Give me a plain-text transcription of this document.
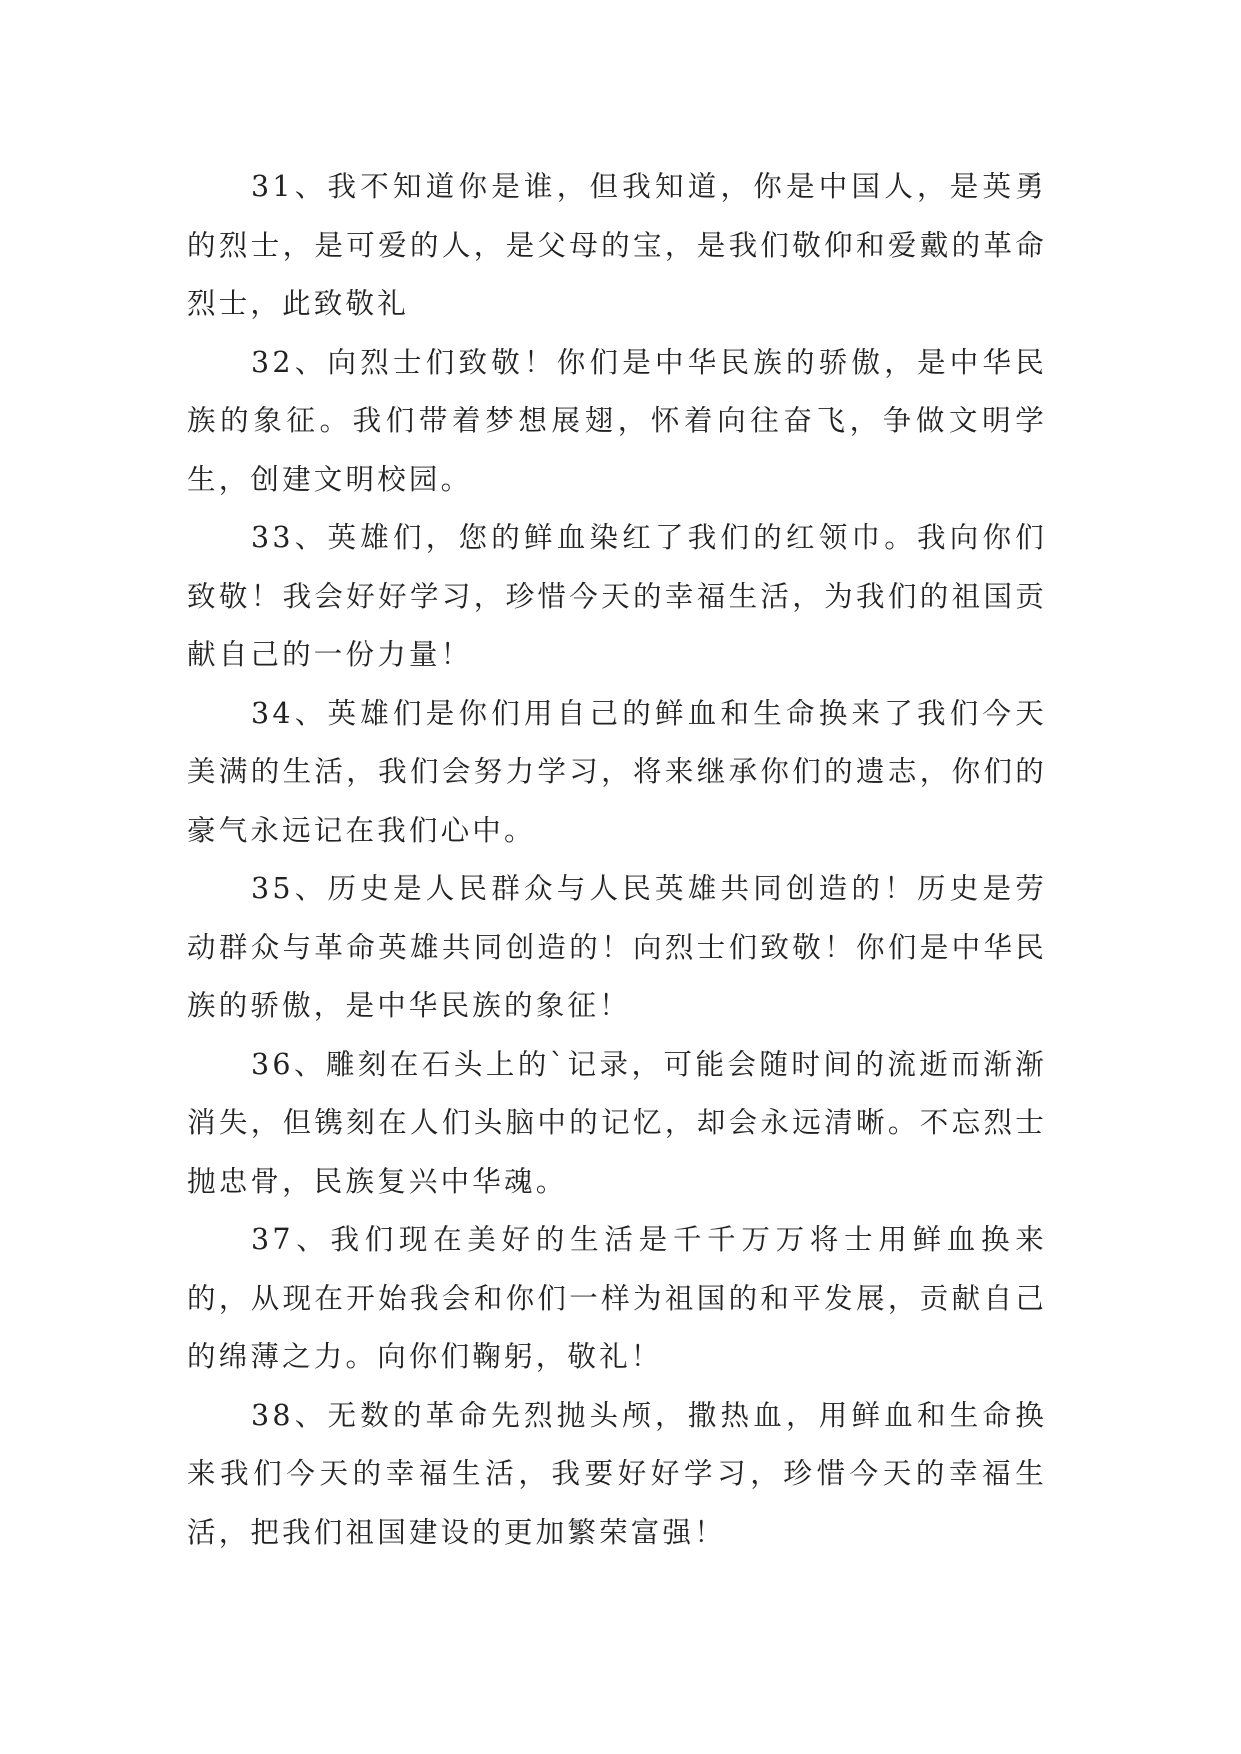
31、我不知道你是谁，但我知道，你是中国人，是英勇的烈士，是可爱的人，是父母的宝，是我们敬仰和爱戴的革命烈士，此致敬礼

32、向烈士们致敬！你们是中华民族的骄傲，是中华民族的象征。我们带着梦想展翅，怀着向往奋飞，争做文明学生，创建文明校园。

33、英雄们，您的鲜血染红了我们的红领巾。我向你们致敬！我会好好学习，珍惜今天的幸福生活，为我们的祖国贡献自己的一份力量！

34、英雄们是你们用自己的鲜血和生命换来了我们今天美满的生活，我们会努力学习，将来继承你们的遗志，你们的豪气永远记在我们心中。

35、历史是人民群众与人民英雄共同创造的！历史是劳动群众与革命英雄共同创造的！向烈士们致敬！你们是中华民族的骄傲，是中华民族的象征！

36、雕刻在石头上的`记录，可能会随时间的流逝而渐渐消失，但镌刻在人们头脑中的记忆，却会永远清晰。不忘烈士抛忠骨，民族复兴中华魂。

37、我们现在美好的生活是千千万万将士用鲜血换来的，从现在开始我会和你们一样为祖国的和平发展，贡献自己的绵薄之力。向你们鞠躬，敬礼！

38、无数的革命先烈抛头颅，撒热血，用鲜血和生命换来我们今天的幸福生活，我要好好学习，珍惜今天的幸福生活，把我们祖国建设的更加繁荣富强！
